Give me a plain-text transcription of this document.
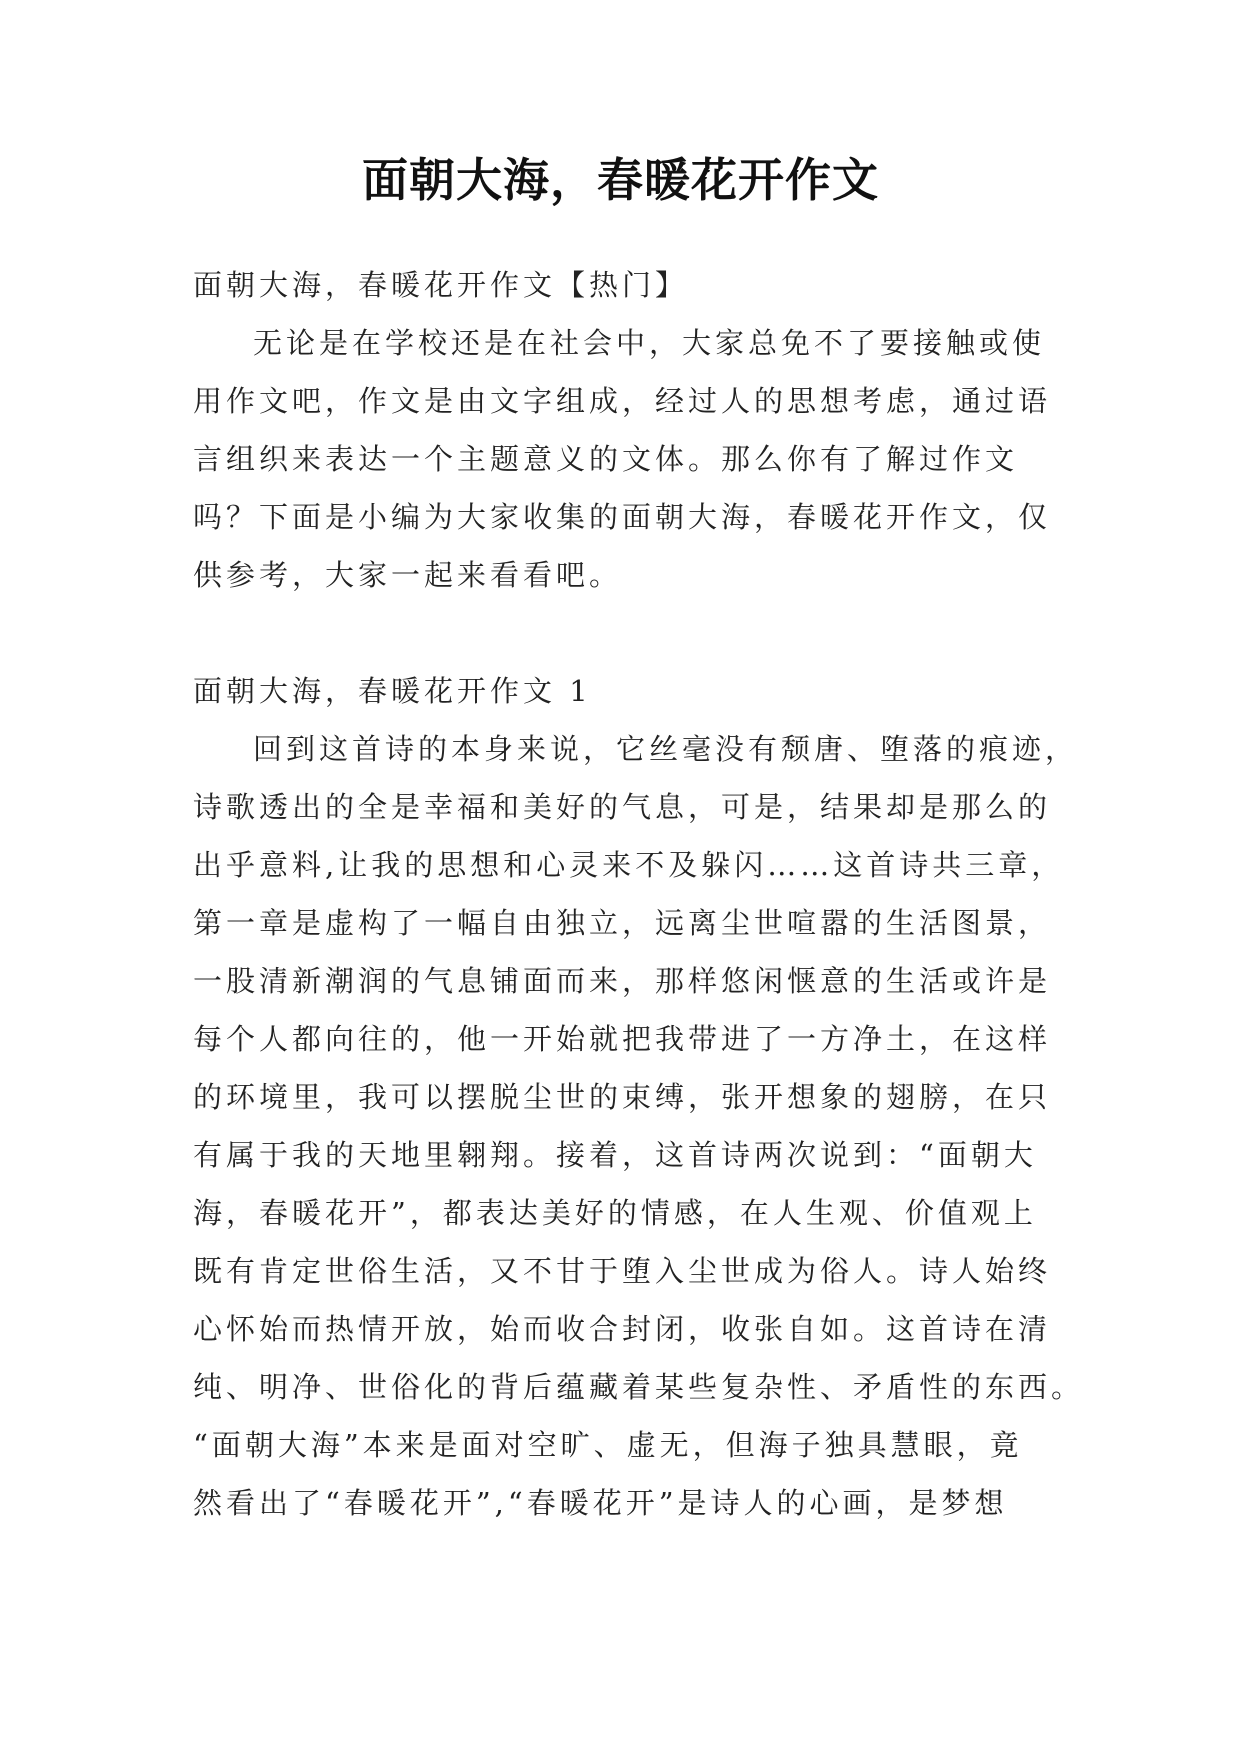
面朝大海，春暖花开作文
面朝大海，春暖花开作文【热门】
无论是在学校还是在社会中，大家总免不了要接触或使
用作文吧，作文是由文字组成，经过人的思想考虑，通过语
言组织来表达一个主题意义的文体。那么你有了解过作文
吗？下面是小编为大家收集的面朝大海，春暖花开作文，仅
供参考，大家一起来看看吧。
面朝大海，春暖花开作文 1
回到这首诗的本身来说，它丝毫没有颓唐、堕落的痕迹，
诗歌透出的全是幸福和美好的气息，可是，结果却是那么的
出乎意料,让我的思想和心灵来不及躲闪……这首诗共三章，
第一章是虚构了一幅自由独立，远离尘世喧嚣的生活图景，
一股清新潮润的气息铺面而来，那样悠闲惬意的生活或许是
每个人都向往的，他一开始就把我带进了一方净土，在这样
的环境里，我可以摆脱尘世的束缚，张开想象的翅膀，在只
有属于我的天地里翱翔。接着，这首诗两次说到：“面朝大
海，春暖花开”，都表达美好的情感，在人生观、价值观上
既有肯定世俗生活，又不甘于堕入尘世成为俗人。诗人始终
心怀始而热情开放，始而收合封闭，收张自如。这首诗在清
纯、明净、世俗化的背后蕴藏着某些复杂性、矛盾性的东西。
“面朝大海”本来是面对空旷、虚无，但海子独具慧眼，竟
然看出了“春暖花开”,“春暖花开”是诗人的心画，是梦想
